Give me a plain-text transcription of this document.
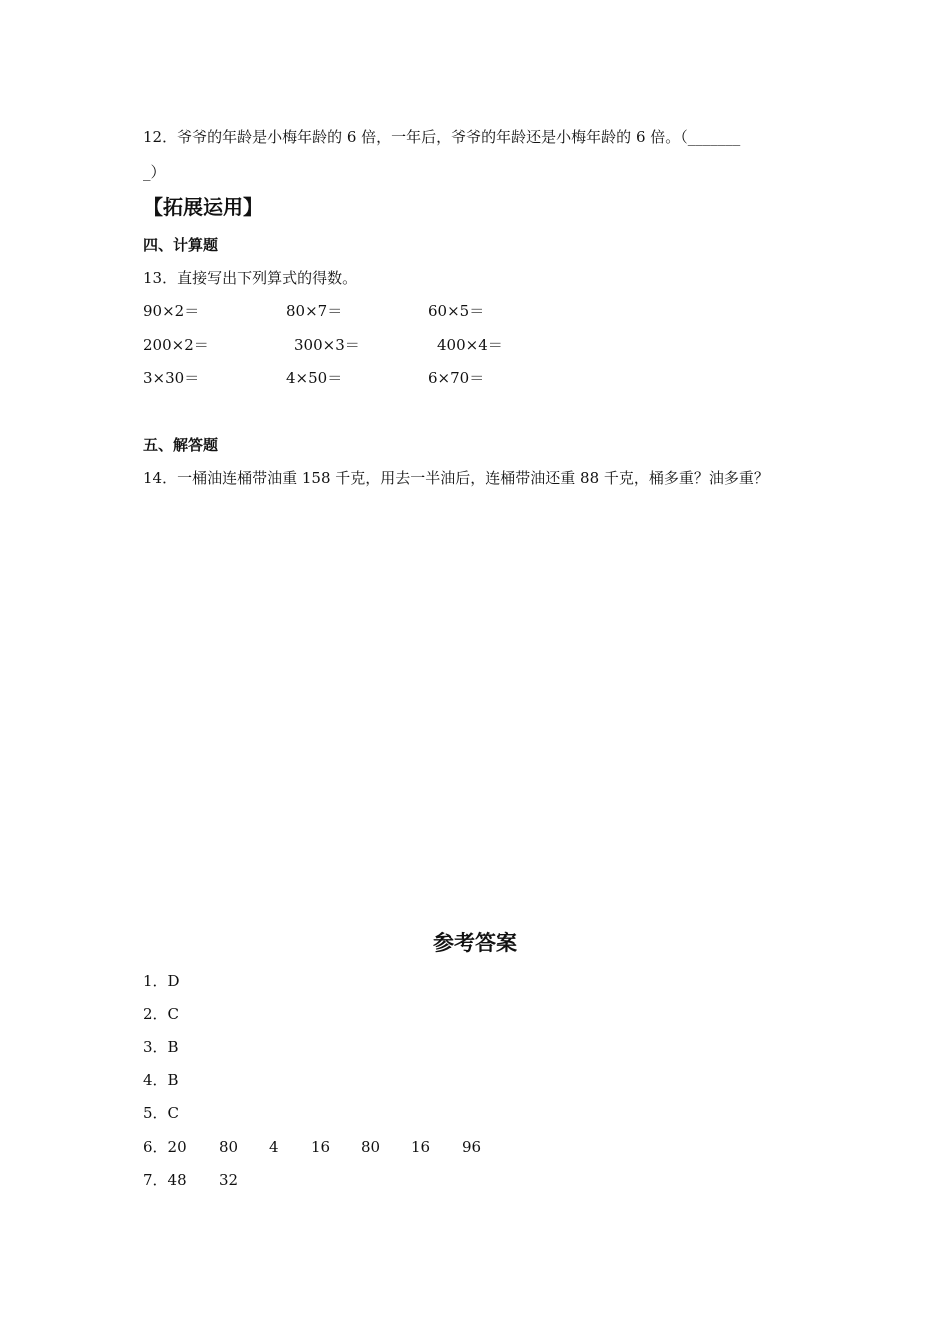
12．爷爷的年龄是小梅年龄的 6 倍，一年后，爷爷的年龄还是小梅年龄的 6 倍。（_______
_）
【拓展运用】
四、计算题
13．直接写出下列算式的得数。
90×2＝	80×7＝	60×5＝
200×2＝	300×3＝	400×4＝
3×30＝	4×50＝	6×70＝
五、解答题
14．一桶油连桶带油重 158 千克，用去一半油后，连桶带油还重 88 千克，桶多重？油多重？
参考答案
1．D
2．C
3．B
4．B
5．C
6．20 80 4 16 80 16 96
7．48 32
